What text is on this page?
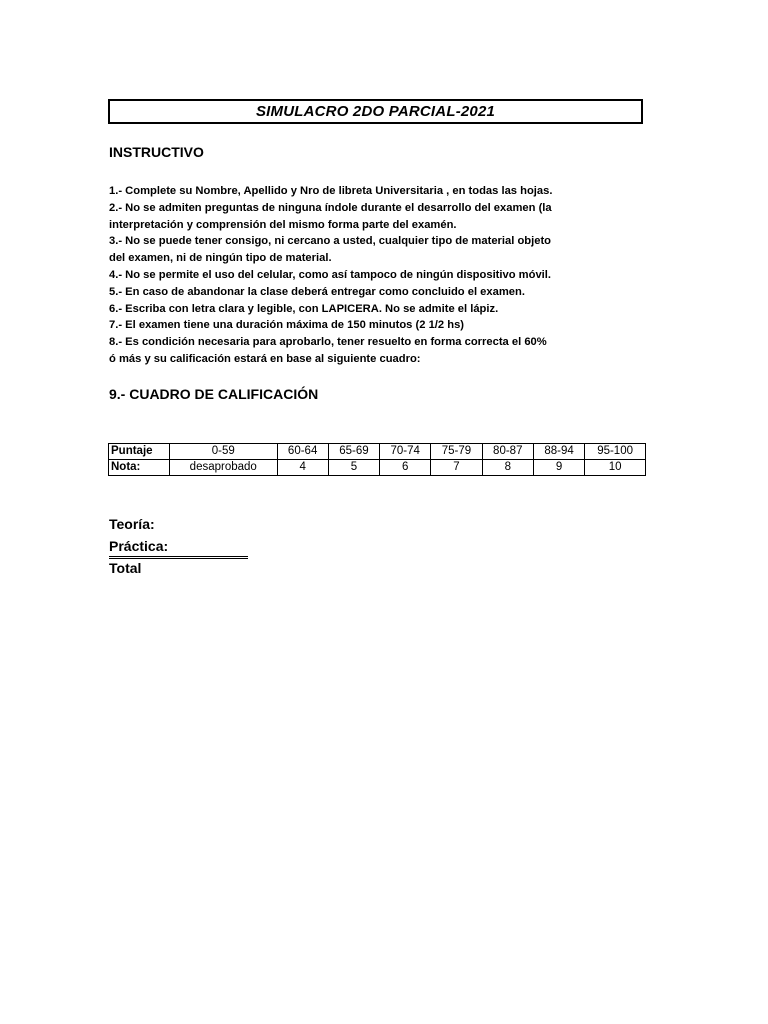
SIMULACRO 2DO PARCIAL-2021
INSTRUCTIVO
1.- Complete su Nombre, Apellido y Nro de libreta Universitaria , en todas las hojas.
2.- No se admiten preguntas de ninguna índole durante el desarrollo del examen (la
interpretación y comprensión del mismo forma parte del examén.
3.- No se puede tener consigo, ni cercano a usted, cualquier tipo de material objeto
del examen, ni de ningún tipo de material.
4.- No se permite el uso del celular, como así tampoco de ningún dispositivo móvil.
5.- En caso de abandonar la clase deberá entregar como concluido el examen.
6.- Escriba con letra clara y legible, con LAPICERA. No se admite el lápiz.
7.- El examen tiene una duración máxima de 150 minutos (2 1/2 hs)
8.- Es condición necesaria para aprobarlo, tener resuelto en forma correcta el 60%
ó más y su calificación estará en base al siguiente cuadro:
9.- CUADRO DE CALIFICACIÓN
Puntaje	0-59	60-64	65-69	70-74	75-79	80-87	88-94	95-100
Nota:	desaprobado	4	5	6	7	8	9	10
Teoría:
Práctica:
Total
